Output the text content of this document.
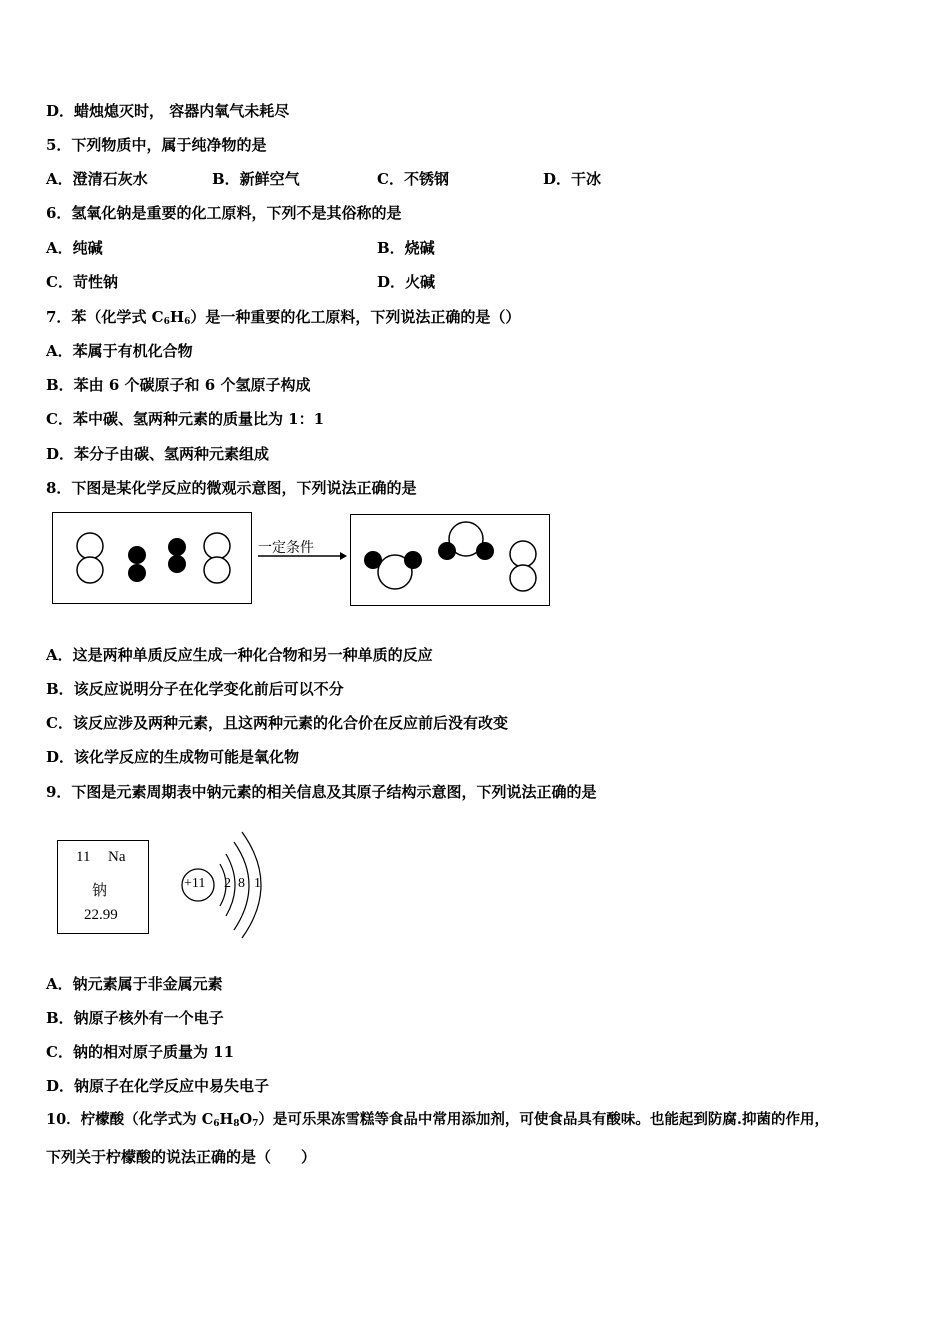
D．蜡烛熄灭时， 容器内氧气未耗尽
5．下列物质中，属于纯净物的是
A．澄清石灰水	B．新鲜空气	C．不锈钢	D．干冰
6．氢氧化钠是重要的化工原料，下列不是其俗称的是
A．纯碱	B．烧碱
C．苛性钠	D．火碱
7．苯（化学式 $C_6H_6$）是一种重要的化工原料，下列说法正确的是（）
A．苯属于有机化合物
B．苯由 6 个碳原子和 6 个氢原子构成
C．苯中碳、氢两种元素的质量比为 1：1
D．苯分子由碳、氢两种元素组成
8．下图是某化学反应的微观示意图，下列说法正确的是
一定条件
A．这是两种单质反应生成一种化合物和另一种单质的反应
B．该反应说明分子在化学变化前后可以不分
C．该反应涉及两种元素，且这两种元素的化合价在反应前后没有改变
D．该化学反应的生成物可能是氧化物
9．下图是元素周期表中钠元素的相关信息及其原子结构示意图，下列说法正确的是
11 Na
钠
22.99
+11 2 8 1
A．钠元素属于非金属元素
B．钠原子核外有一个电子
C．钠的相对原子质量为 11
D．钠原子在化学反应中易失电子
10．柠檬酸（化学式为 $C_6H_8O_7$）是可乐果冻雪糕等食品中常用添加剂，可使食品具有酸味。也能起到防腐.抑菌的作用，
下列关于柠檬酸的说法正确的是（　　）
